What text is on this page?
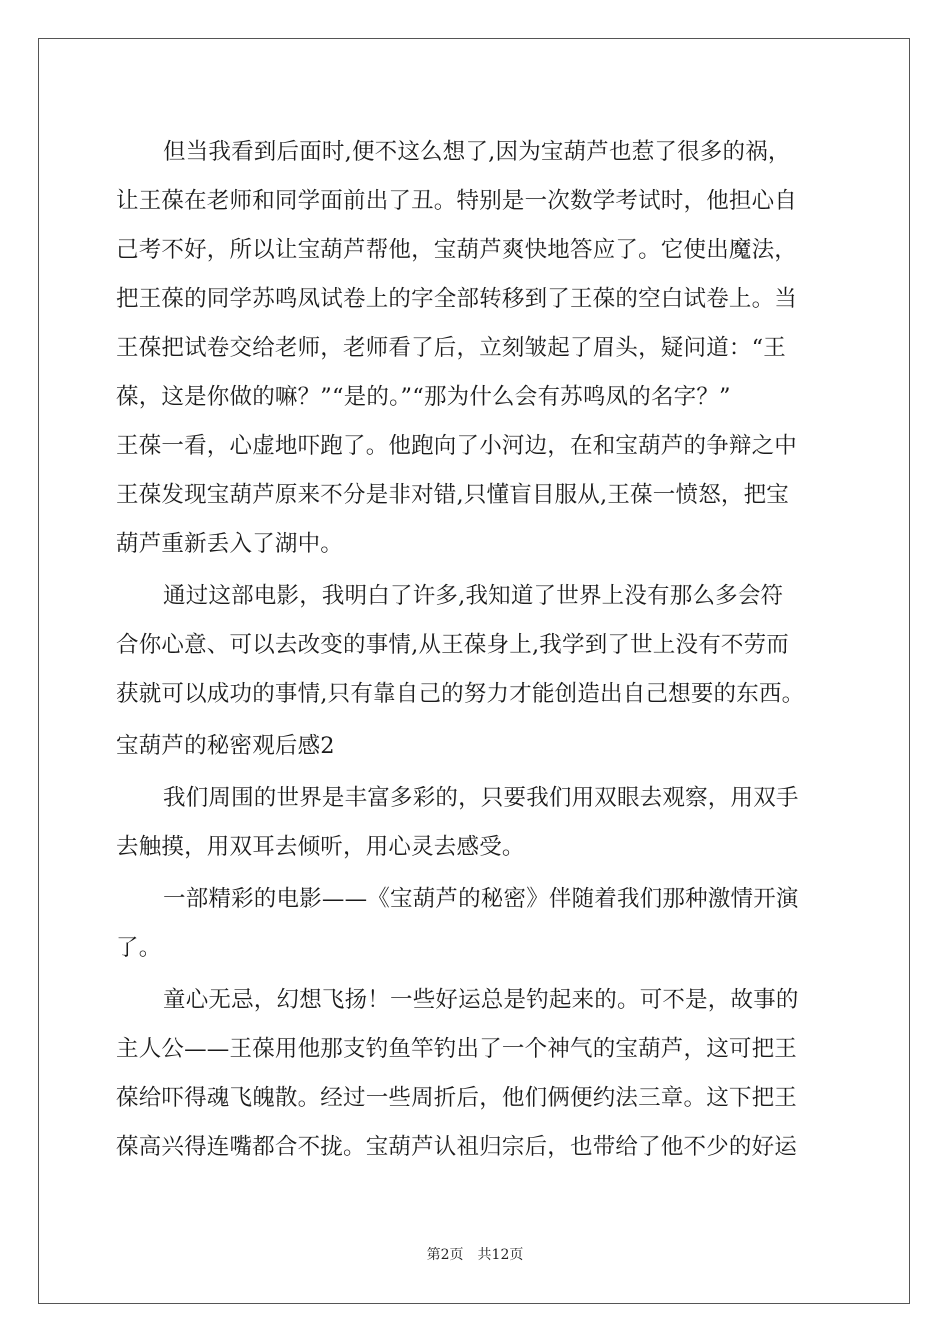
但当我看到后面时,便不这么想了,因为宝葫芦也惹了很多的祸，
让王葆在老师和同学面前出了丑。特别是一次数学考试时，他担心自
己考不好，所以让宝葫芦帮他，宝葫芦爽快地答应了。它使出魔法，
把王葆的同学苏鸣凤试卷上的字全部转移到了王葆的空白试卷上。当
王葆把试卷交给老师，老师看了后，立刻皱起了眉头，疑问道：“王
葆，这是你做的嘛？”“是的。”“那为什么会有苏鸣凤的名字？”
王葆一看，心虚地吓跑了。他跑向了小河边，在和宝葫芦的争辩之中
王葆发现宝葫芦原来不分是非对错,只懂盲目服从,王葆一愤怒，把宝
葫芦重新丢入了湖中。
通过这部电影，我明白了许多,我知道了世界上没有那么多会符
合你心意、可以去改变的事情,从王葆身上,我学到了世上没有不劳而
获就可以成功的事情,只有靠自己的努力才能创造出自己想要的东西。
宝葫芦的秘密观后感2
我们周围的世界是丰富多彩的，只要我们用双眼去观察，用双手
去触摸，用双耳去倾听，用心灵去感受。
一部精彩的电影——《宝葫芦的秘密》伴随着我们那种激情开演
了。
童心无忌，幻想飞扬！一些好运总是钓起来的。可不是，故事的
主人公——王葆用他那支钓鱼竿钓出了一个神气的宝葫芦，这可把王
葆给吓得魂飞魄散。经过一些周折后，他们俩便约法三章。这下把王
葆高兴得连嘴都合不拢。宝葫芦认祖归宗后，也带给了他不少的好运
第2页 共12页
